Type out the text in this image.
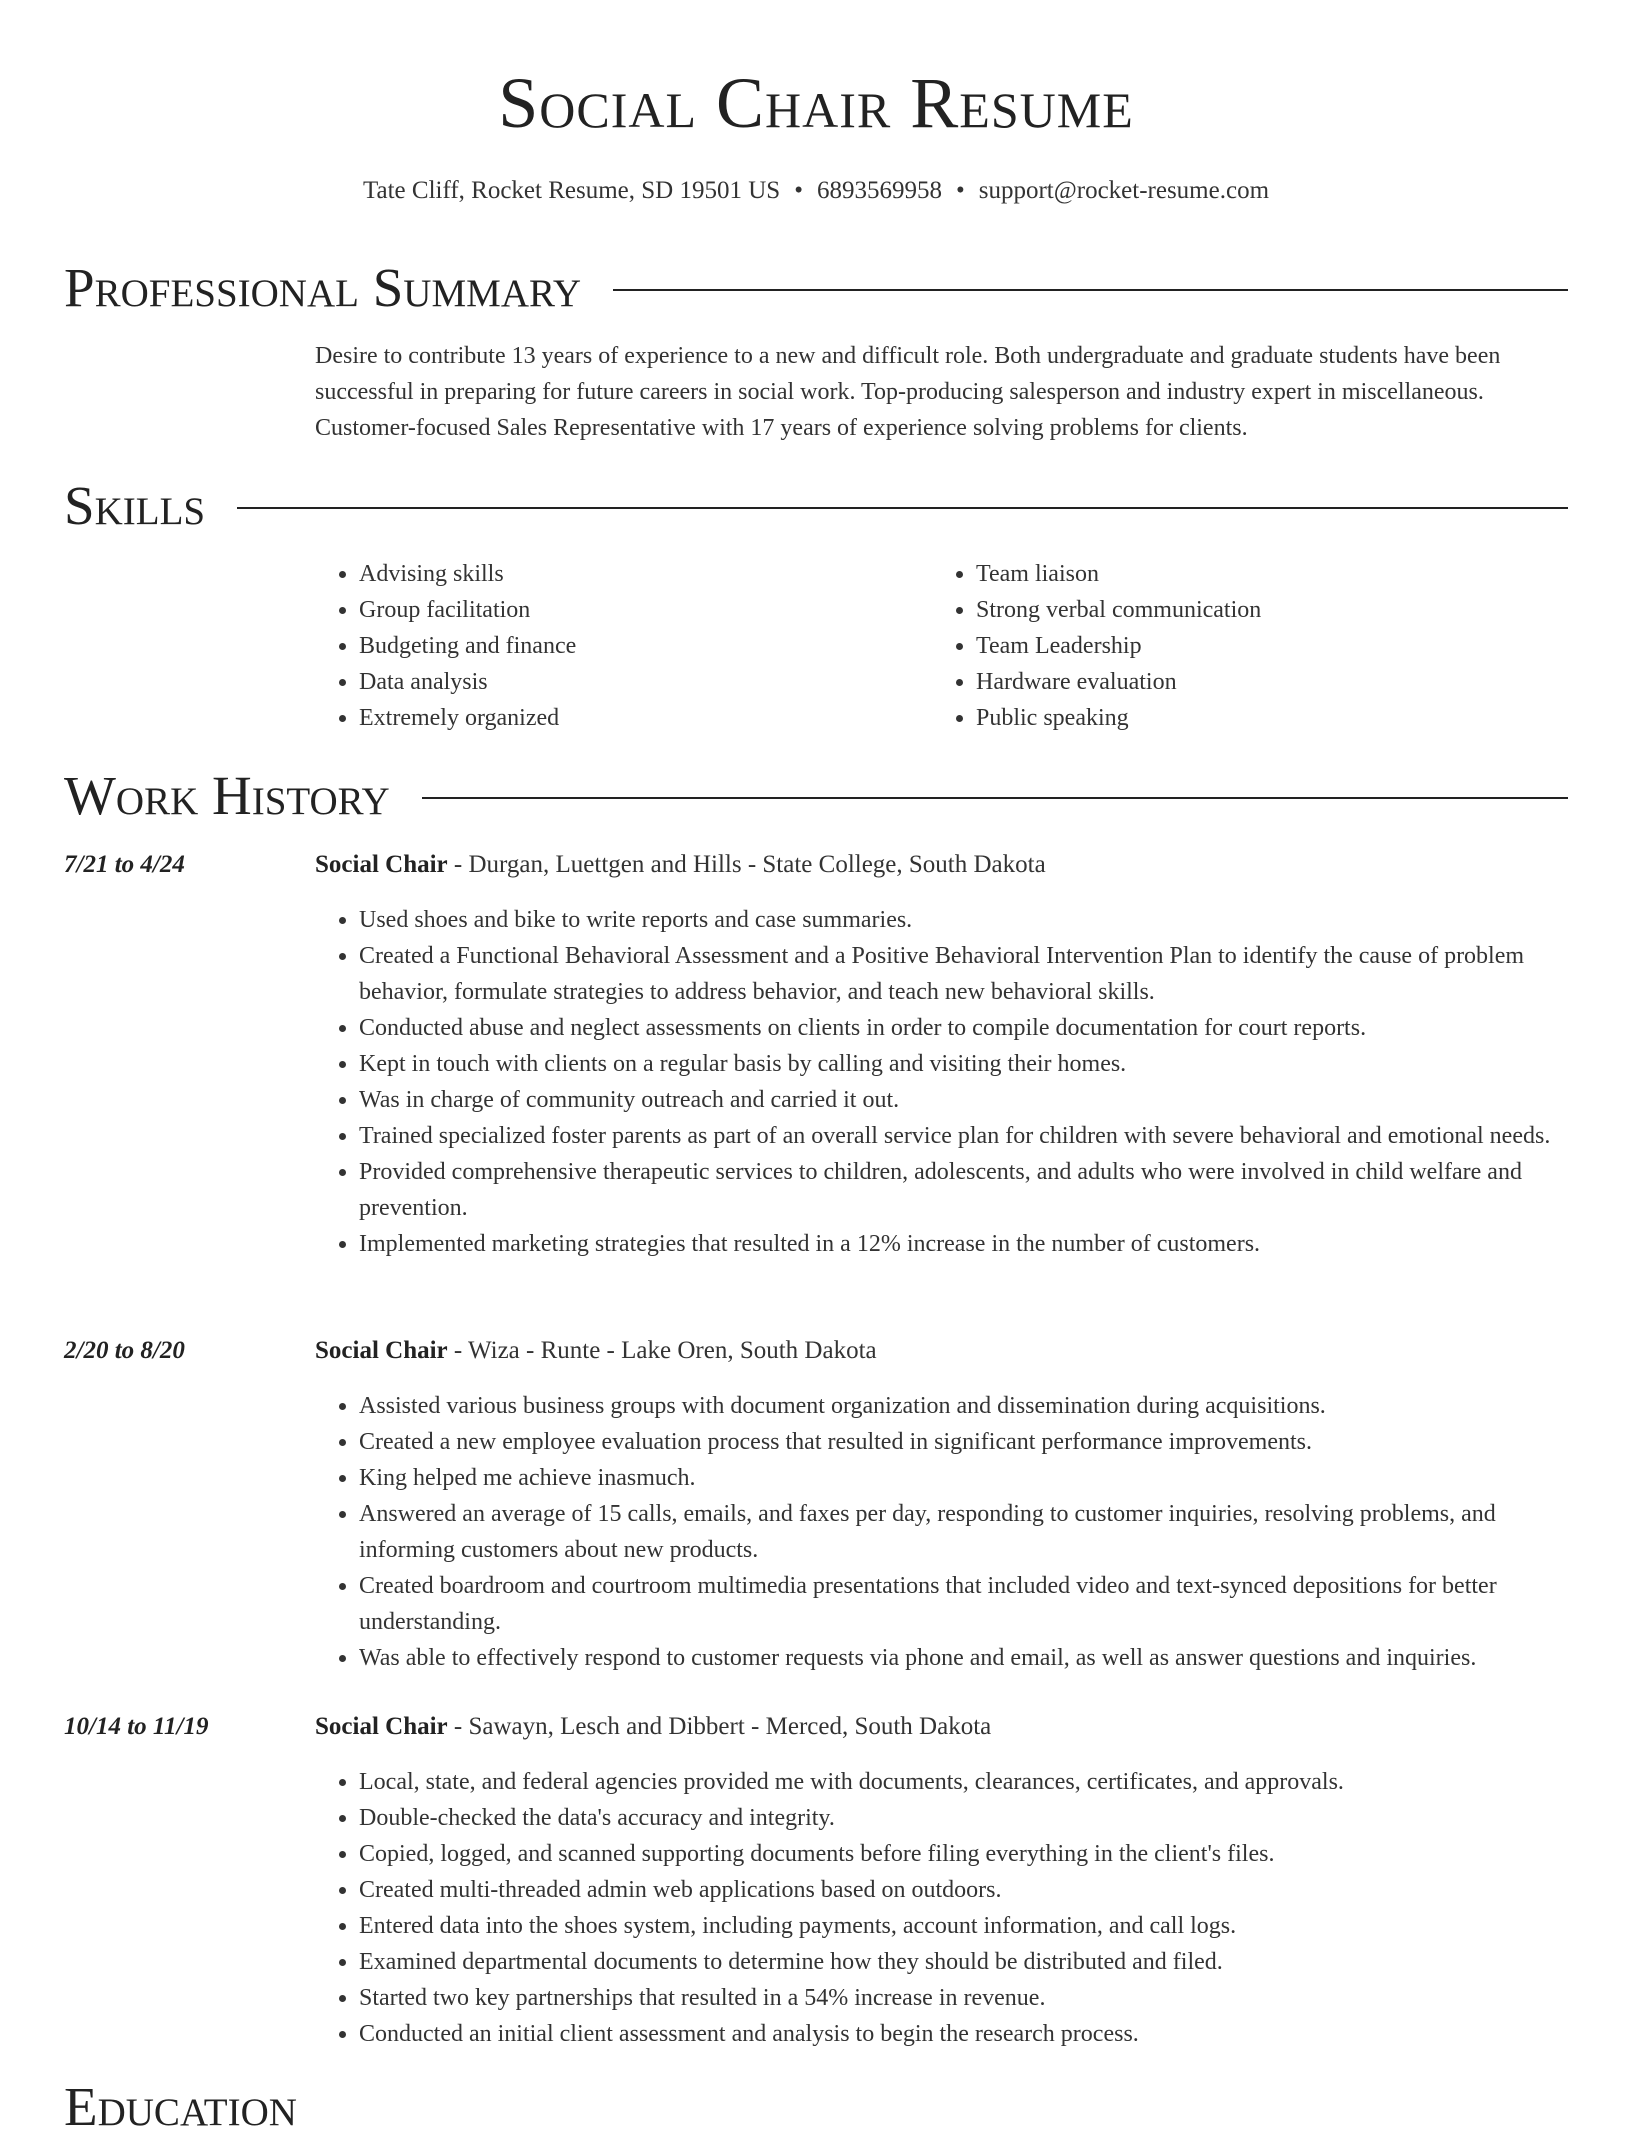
Social Chair Resume
Tate Cliff, Rocket Resume, SD 19501 US • 6893569958 • support@rocket-resume.com
Professional Summary

Desire to contribute 13 years of experience to a new and difficult role. Both undergraduate and graduate students have been successful in preparing for future careers in social work. Top-producing salesperson and industry expert in miscellaneous. Customer-focused Sales Representative with 17 years of experience solving problems for clients.

Skills
• Advising skills
• Group facilitation
• Budgeting and finance
• Data analysis
• Extremely organized
• Team liaison
• Strong verbal communication
• Team Leadership
• Hardware evaluation
• Public speaking
Work History
7/21 to 4/24	Social Chair - Durgan, Luettgen and Hills - State College, South Dakota
• Used shoes and bike to write reports and case summaries.
• Created a Functional Behavioral Assessment and a Positive Behavioral Intervention Plan to identify the cause of problem behavior, formulate strategies to address behavior, and teach new behavioral skills.
• Conducted abuse and neglect assessments on clients in order to compile documentation for court reports.
• Kept in touch with clients on a regular basis by calling and visiting their homes.
• Was in charge of community outreach and carried it out.
• Trained specialized foster parents as part of an overall service plan for children with severe behavioral and emotional needs.
• Provided comprehensive therapeutic services to children, adolescents, and adults who were involved in child welfare and prevention.
• Implemented marketing strategies that resulted in a 12% increase in the number of customers.
2/20 to 8/20	Social Chair - Wiza - Runte - Lake Oren, South Dakota
• Assisted various business groups with document organization and dissemination during acquisitions.
• Created a new employee evaluation process that resulted in significant performance improvements.
• King helped me achieve inasmuch.
• Answered an average of 15 calls, emails, and faxes per day, responding to customer inquiries, resolving problems, and informing customers about new products.
• Created boardroom and courtroom multimedia presentations that included video and text-synced depositions for better understanding.
• Was able to effectively respond to customer requests via phone and email, as well as answer questions and inquiries.
10/14 to 11/19	Social Chair - Sawayn, Lesch and Dibbert - Merced, South Dakota
• Local, state, and federal agencies provided me with documents, clearances, certificates, and approvals.
• Double-checked the data's accuracy and integrity.
• Copied, logged, and scanned supporting documents before filing everything in the client's files.
• Created multi-threaded admin web applications based on outdoors.
• Entered data into the shoes system, including payments, account information, and call logs.
• Examined departmental documents to determine how they should be distributed and filed.
• Started two key partnerships that resulted in a 54% increase in revenue.
• Conducted an initial client assessment and analysis to begin the research process.
Education
